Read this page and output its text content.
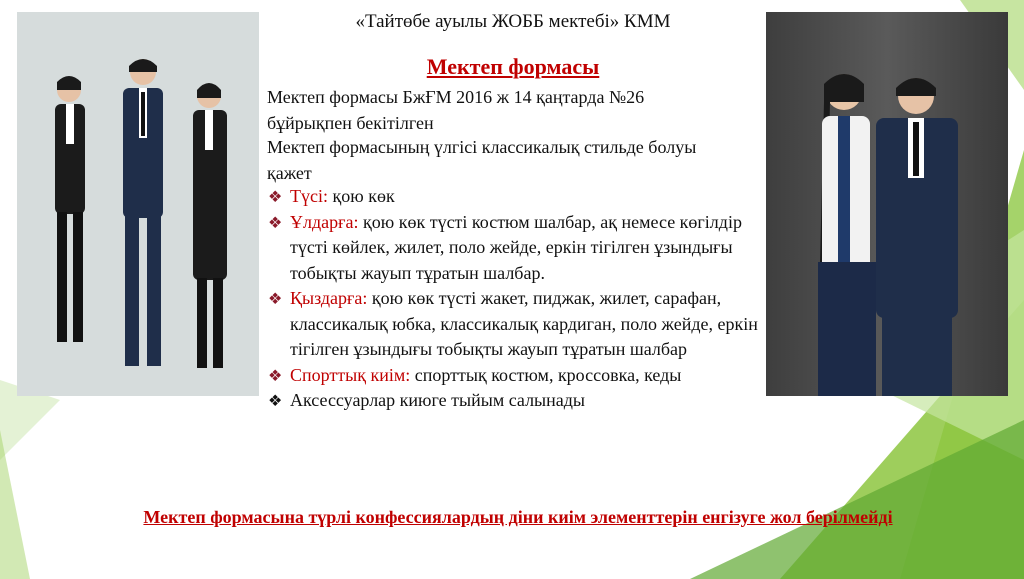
«Тайтөбе ауылы ЖОББ мектебі» КММ
Мектеп формасы
Мектеп формасы БжҒМ 2016 ж 14 қаңтарда №26 бұйрықпен бекітілген
Мектеп формасының үлгісі классикалық стильде болуы қажет
❖ Түсі: қою көк
❖ Ұлдарға: қою көк түсті костюм шалбар, ақ немесе көгілдір түсті көйлек, жилет, поло жейде, еркін тігілген ұзындығы тобықты жауып тұратын шалбар.
❖ Қыздарға: қою көк түсті жакет, пиджак, жилет, сарафан, классикалық юбка, классикалық кардиган, поло жейде, еркін тігілген ұзындығы тобықты жауып тұратын шалбар
❖ Спорттық киім: спорттық костюм, кроссовка, кеды
❖ Аксессуарлар киюге тыйым салынады
Мектеп формасына түрлі конфессиялардың діни киім элементтерін енгізуге жол берілмейді
